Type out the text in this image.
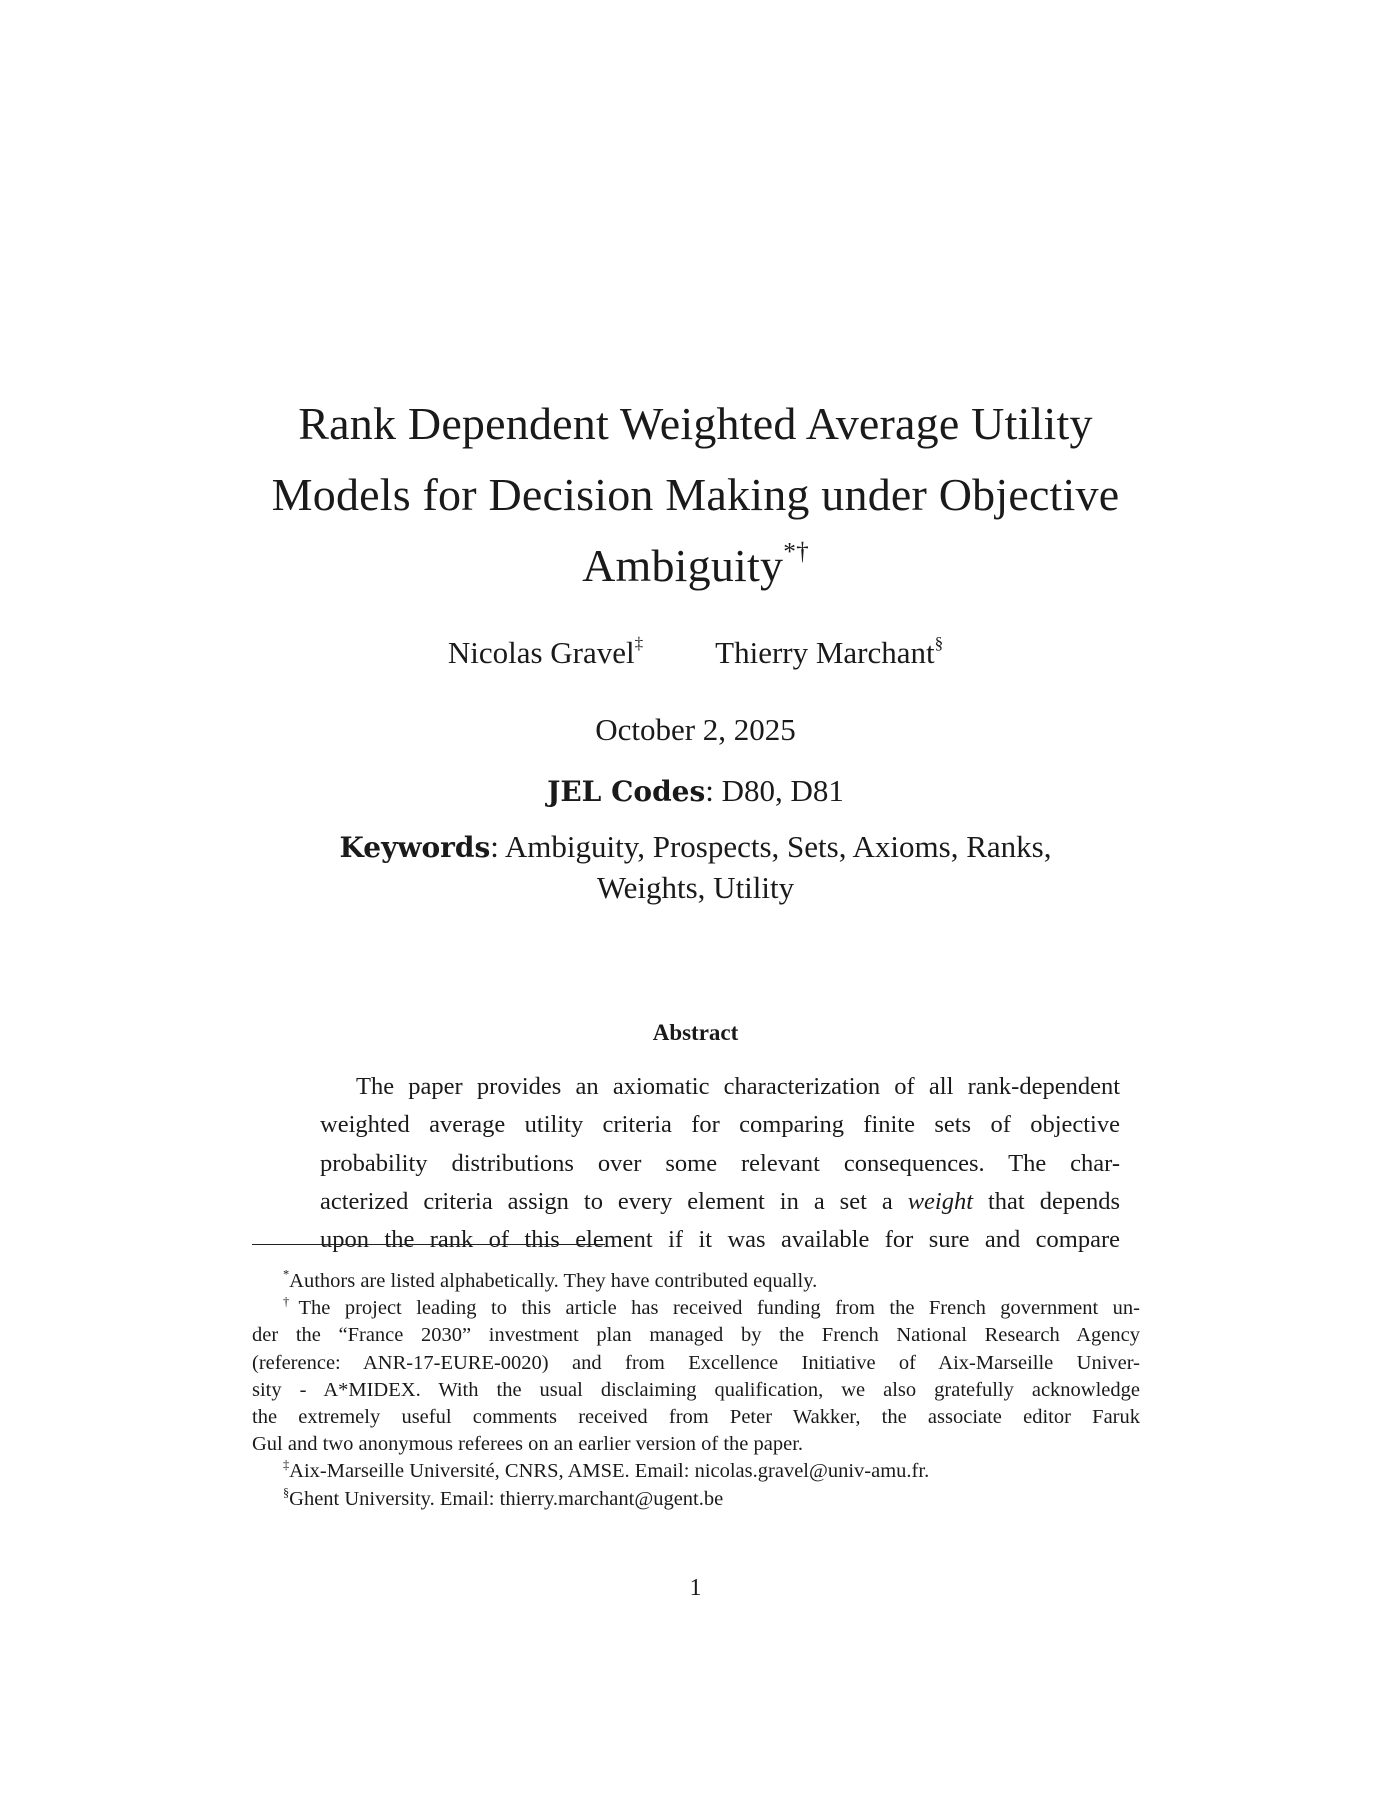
Rank Dependent Weighted Average Utility
Models for Decision Making under Objective
Ambiguity*†
Nicolas Gravel‡ Thierry Marchant§
October 2, 2025
JEL Codes: D80, D81
Keywords: Ambiguity, Prospects, Sets, Axioms, Ranks,
Weights, Utility
Abstract
The paper provides an axiomatic characterization of all rank-dependent
weighted average utility criteria for comparing finite sets of objective
probability distributions over some relevant consequences. The char-
acterized criteria assign to every element in a set a weight that depends
upon the rank of this element if it was available for sure and compare
*Authors are listed alphabetically. They have contributed equally.
†The project leading to this article has received funding from the French government un-
der the “France 2030” investment plan managed by the French National Research Agency
(reference: ANR-17-EURE-0020) and from Excellence Initiative of Aix-Marseille Univer-
sity - A*MIDEX. With the usual disclaiming qualification, we also gratefully acknowledge
the extremely useful comments received from Peter Wakker, the associate editor Faruk
Gul and two anonymous referees on an earlier version of the paper.
‡Aix-Marseille Université, CNRS, AMSE. Email: nicolas.gravel@univ-amu.fr.
§Ghent University. Email: thierry.marchant@ugent.be
1
